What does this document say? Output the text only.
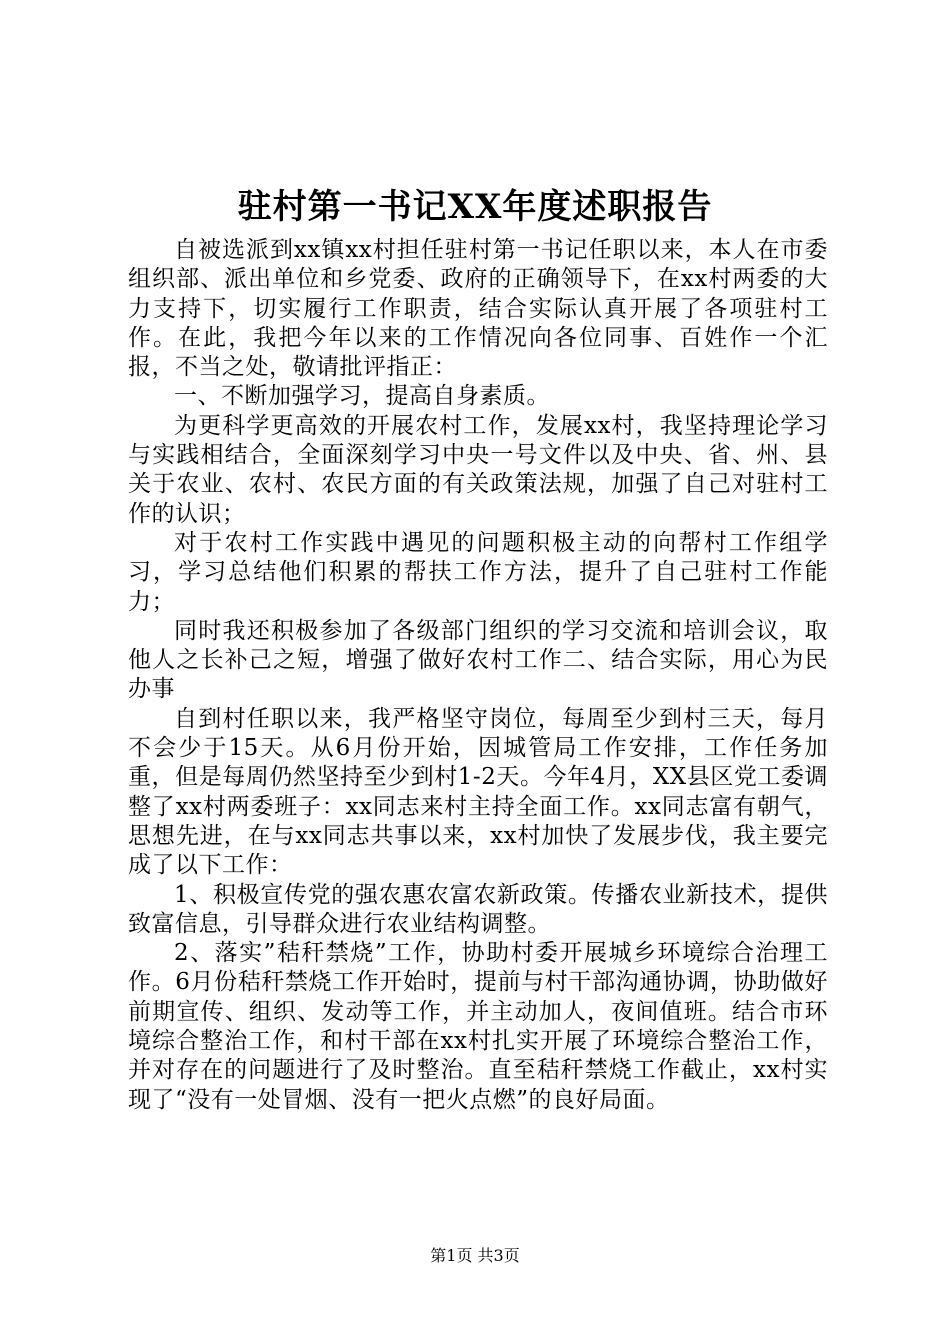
驻村第一书记XX年度述职报告

自被选派到xx镇xx村担任驻村第一书记任职以来，本人在市委组织部、派出单位和乡党委、政府的正确领导下，在xx村两委的大力支持下，切实履行工作职责，结合实际认真开展了各项驻村工作。在此，我把今年以来的工作情况向各位同事、百姓作一个汇报，不当之处，敬请批评指正：

一、不断加强学习，提高自身素质。

为更科学更高效的开展农村工作，发展xx村，我坚持理论学习与实践相结合，全面深刻学习中央一号文件以及中央、省、州、县关于农业、农村、农民方面的有关政策法规，加强了自己对驻村工作的认识；

对于农村工作实践中遇见的问题积极主动的向帮村工作组学习，学习总结他们积累的帮扶工作方法，提升了自己驻村工作能力；

同时我还积极参加了各级部门组织的学习交流和培训会议，取他人之长补己之短，增强了做好农村工作二、结合实际，用心为民办事

自到村任职以来，我严格坚守岗位，每周至少到村三天，每月不会少于15天。从6月份开始，因城管局工作安排，工作任务加重，但是每周仍然坚持至少到村1-2天。今年4月，XX县区党工委调整了xx村两委班子：xx同志来村主持全面工作。xx同志富有朝气，思想先进，在与xx同志共事以来，xx村加快了发展步伐，我主要完成了以下工作：

1、积极宣传党的强农惠农富农新政策。传播农业新技术，提供致富信息，引导群众进行农业结构调整。

2、落实”秸秆禁烧”工作，协助村委开展城乡环境综合治理工作。6月份秸秆禁烧工作开始时，提前与村干部沟通协调，协助做好前期宣传、组织、发动等工作，并主动加人，夜间值班。结合市环境综合整治工作，和村干部在xx村扎实开展了环境综合整治工作，并对存在的问题进行了及时整治。直至秸秆禁烧工作截止，xx村实现了“没有一处冒烟、没有一把火点燃”的良好局面。

第1页 共3页
